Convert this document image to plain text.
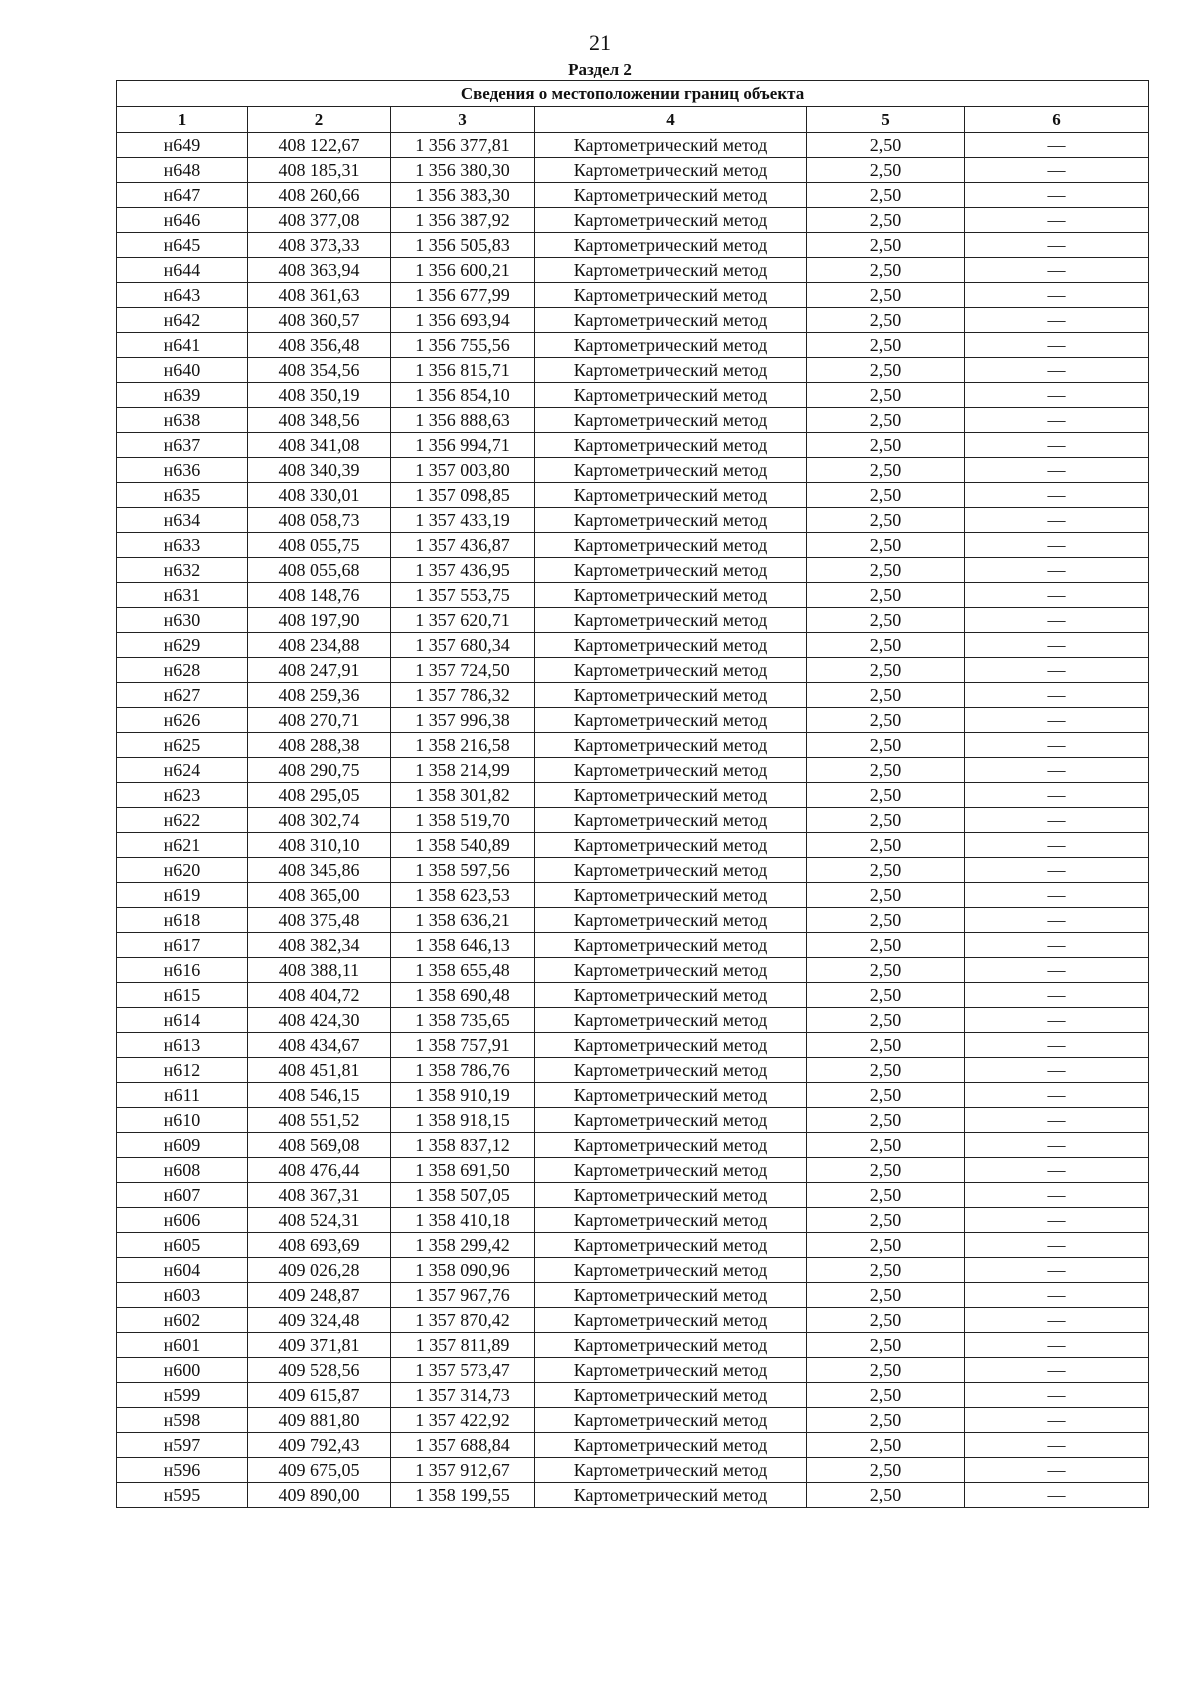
21
Раздел 2
Сведения о местоположении границ объекта					
1	2	3	4	5	6
н649	408 122,67	1 356 377,81	Картометрический метод	2,50	—
н648	408 185,31	1 356 380,30	Картометрический метод	2,50	—
н647	408 260,66	1 356 383,30	Картометрический метод	2,50	—
н646	408 377,08	1 356 387,92	Картометрический метод	2,50	—
н645	408 373,33	1 356 505,83	Картометрический метод	2,50	—
н644	408 363,94	1 356 600,21	Картометрический метод	2,50	—
н643	408 361,63	1 356 677,99	Картометрический метод	2,50	—
н642	408 360,57	1 356 693,94	Картометрический метод	2,50	—
н641	408 356,48	1 356 755,56	Картометрический метод	2,50	—
н640	408 354,56	1 356 815,71	Картометрический метод	2,50	—
н639	408 350,19	1 356 854,10	Картометрический метод	2,50	—
н638	408 348,56	1 356 888,63	Картометрический метод	2,50	—
н637	408 341,08	1 356 994,71	Картометрический метод	2,50	—
н636	408 340,39	1 357 003,80	Картометрический метод	2,50	—
н635	408 330,01	1 357 098,85	Картометрический метод	2,50	—
н634	408 058,73	1 357 433,19	Картометрический метод	2,50	—
н633	408 055,75	1 357 436,87	Картометрический метод	2,50	—
н632	408 055,68	1 357 436,95	Картометрический метод	2,50	—
н631	408 148,76	1 357 553,75	Картометрический метод	2,50	—
н630	408 197,90	1 357 620,71	Картометрический метод	2,50	—
н629	408 234,88	1 357 680,34	Картометрический метод	2,50	—
н628	408 247,91	1 357 724,50	Картометрический метод	2,50	—
н627	408 259,36	1 357 786,32	Картометрический метод	2,50	—
н626	408 270,71	1 357 996,38	Картометрический метод	2,50	—
н625	408 288,38	1 358 216,58	Картометрический метод	2,50	—
н624	408 290,75	1 358 214,99	Картометрический метод	2,50	—
н623	408 295,05	1 358 301,82	Картометрический метод	2,50	—
н622	408 302,74	1 358 519,70	Картометрический метод	2,50	—
н621	408 310,10	1 358 540,89	Картометрический метод	2,50	—
н620	408 345,86	1 358 597,56	Картометрический метод	2,50	—
н619	408 365,00	1 358 623,53	Картометрический метод	2,50	—
н618	408 375,48	1 358 636,21	Картометрический метод	2,50	—
н617	408 382,34	1 358 646,13	Картометрический метод	2,50	—
н616	408 388,11	1 358 655,48	Картометрический метод	2,50	—
н615	408 404,72	1 358 690,48	Картометрический метод	2,50	—
н614	408 424,30	1 358 735,65	Картометрический метод	2,50	—
н613	408 434,67	1 358 757,91	Картометрический метод	2,50	—
н612	408 451,81	1 358 786,76	Картометрический метод	2,50	—
н611	408 546,15	1 358 910,19	Картометрический метод	2,50	—
н610	408 551,52	1 358 918,15	Картометрический метод	2,50	—
н609	408 569,08	1 358 837,12	Картометрический метод	2,50	—
н608	408 476,44	1 358 691,50	Картометрический метод	2,50	—
н607	408 367,31	1 358 507,05	Картометрический метод	2,50	—
н606	408 524,31	1 358 410,18	Картометрический метод	2,50	—
н605	408 693,69	1 358 299,42	Картометрический метод	2,50	—
н604	409 026,28	1 358 090,96	Картометрический метод	2,50	—
н603	409 248,87	1 357 967,76	Картометрический метод	2,50	—
н602	409 324,48	1 357 870,42	Картометрический метод	2,50	—
н601	409 371,81	1 357 811,89	Картометрический метод	2,50	—
н600	409 528,56	1 357 573,47	Картометрический метод	2,50	—
н599	409 615,87	1 357 314,73	Картометрический метод	2,50	—
н598	409 881,80	1 357 422,92	Картометрический метод	2,50	—
н597	409 792,43	1 357 688,84	Картометрический метод	2,50	—
н596	409 675,05	1 357 912,67	Картометрический метод	2,50	—
н595	409 890,00	1 358 199,55	Картометрический метод	2,50	—
